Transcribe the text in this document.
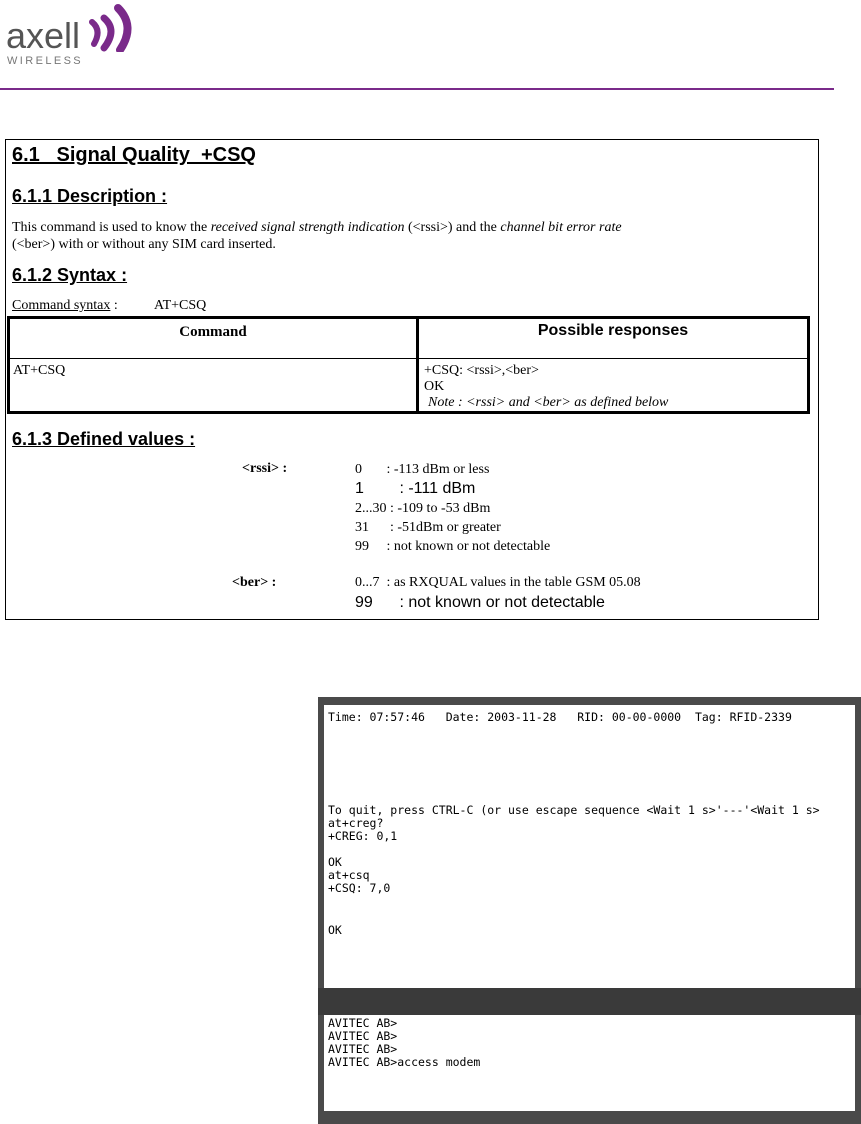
axell
WIRELESS
6.1   Signal Quality  +CSQ
6.1.1 Description :
This command is used to know the received signal strength indication (<rssi>) and the channel bit error rate
(<ber>) with or without any SIM card inserted.
6.1.2 Syntax :
Command syntax :	AT+CSQ
Command	Possible responses
AT+CSQ	+CSQ: <rssi>,<ber>
OK
Note : <rssi> and <ber> as defined below
6.1.3 Defined values :
<rssi> :	0       : -113 dBm or less
1        : -111 dBm
2...30 : -109 to -53 dBm
31      : -51dBm or greater
99     : not known or not detectable
<ber> :	0...7  : as RXQUAL values in the table GSM 05.08
99      : not known or not detectable
Time: 07:57:46   Date: 2003-11-28   RID: 00-00-0000  Tag: RFID-2339
To quit, press CTRL-C (or use escape sequence <Wait 1 s>'---'<Wait 1 s>
at+creg?
+CREG: 0,1
OK
at+csq
+CSQ: 7,0
OK
AVITEC AB>
AVITEC AB>
AVITEC AB>
AVITEC AB>access modem
